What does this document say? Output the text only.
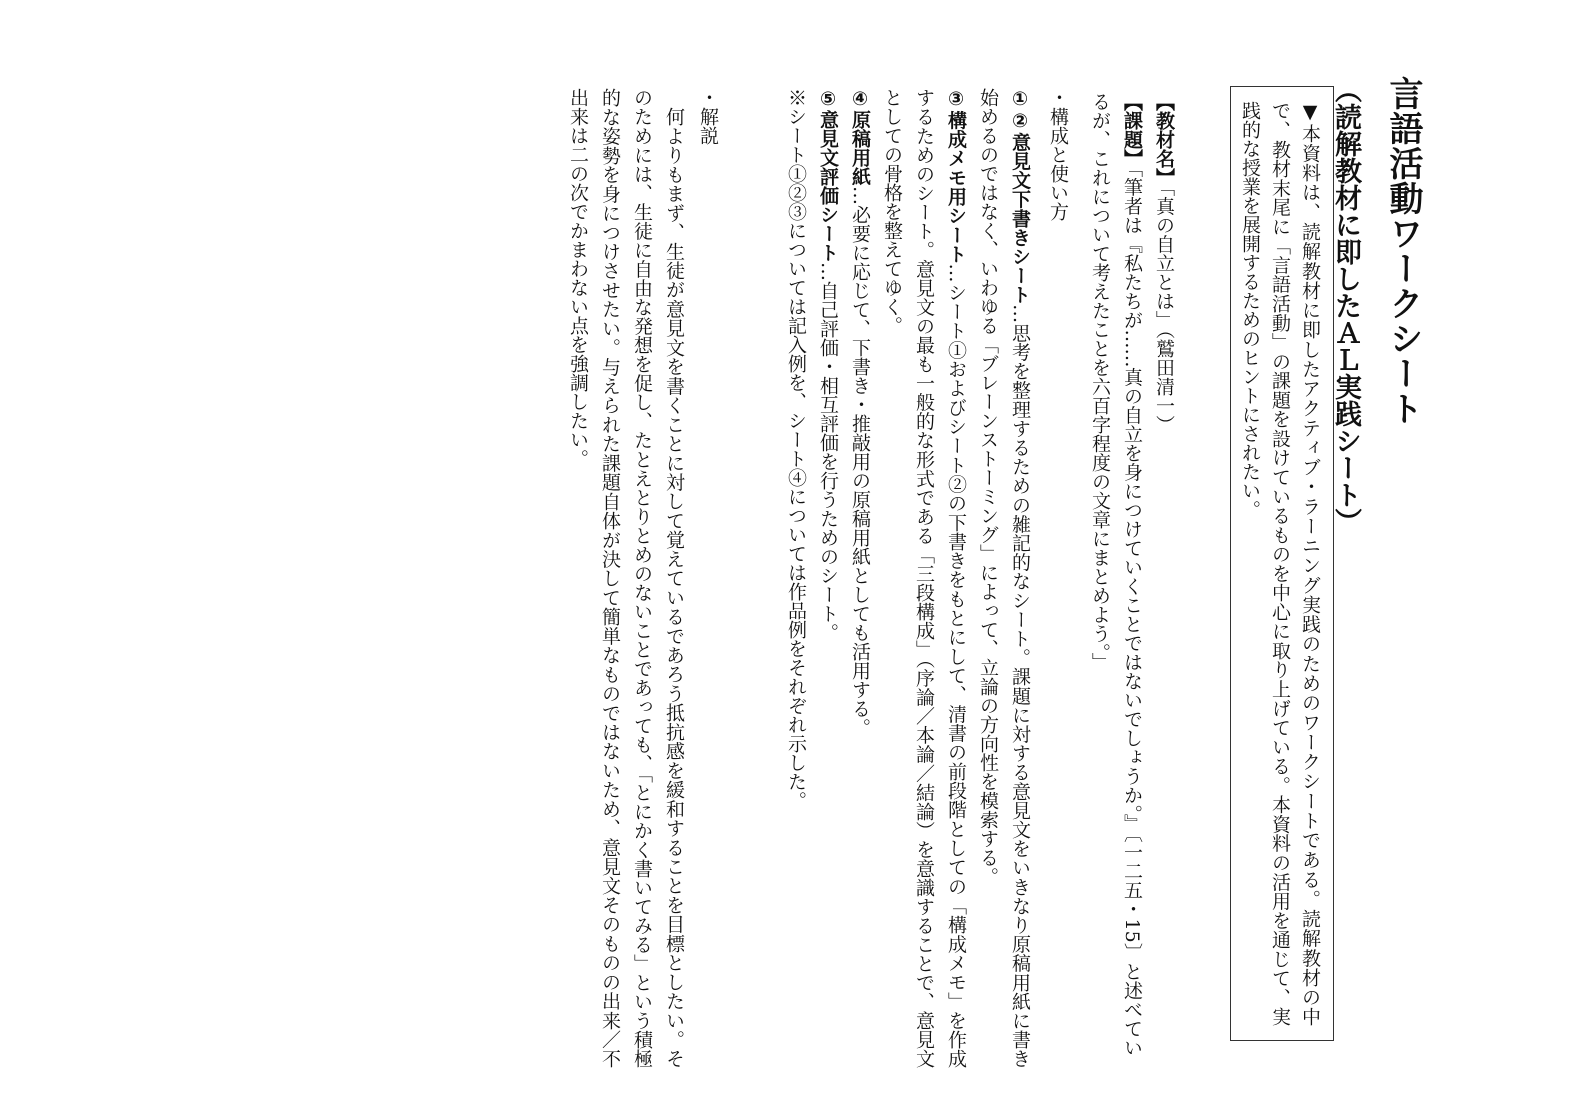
言語活動ワークシート（読解教材に即したＡＬ実践シート）
▼本資料は、読解教材に即したアクティブ・ラーニング実践のためのワークシートである。読解教材の中で、教材末尾に「言語活動」の課題を設けているものを中心に取り上げている。本資料の活用を通じて、実践的な授業を展開するためのヒントにされたい。
【教材名】「真の自立とは」（鷲田清一）
【課題】「筆者は『私たちが……真の自立を身につけていくことではないでしょうか。』〔一二五・15〕と述べているが、これについて考えたことを六百字程度の文章にまとめよう。」
・構成と使い方
①②意見文下書きシート…思考を整理するための雑記的なシート。課題に対する意見文をいきなり原稿用紙に書き始めるのではなく、いわゆる「ブレーンストーミング」によって、立論の方向性を模索する。
③構成メモ用シート…シート①およびシート②の下書きをもとにして、清書の前段階としての「構成メモ」を作成するためのシート。意見文の最も一般的な形式である「三段構成」（序論／本論／結論）を意識することで、意見文としての骨格を整えてゆく。
④原稿用紙…必要に応じて、下書き・推敲用の原稿用紙としても活用する。
⑤意見文評価シート…自己評価・相互評価を行うためのシート。
※シート①②③については記入例を、シート④については作品例をそれぞれ示した。
・解説

何よりもまず、生徒が意見文を書くことに対して覚えているであろう抵抗感を緩和することを目標としたい。そのためには、生徒に自由な発想を促し、たとえとりとめのないことであっても、「とにかく書いてみる」という積極的な姿勢を身につけさせたい。与えられた課題自体が決して簡単なものではないため、意見文そのものの出来／不出来は二の次でかまわない点を強調したい。
